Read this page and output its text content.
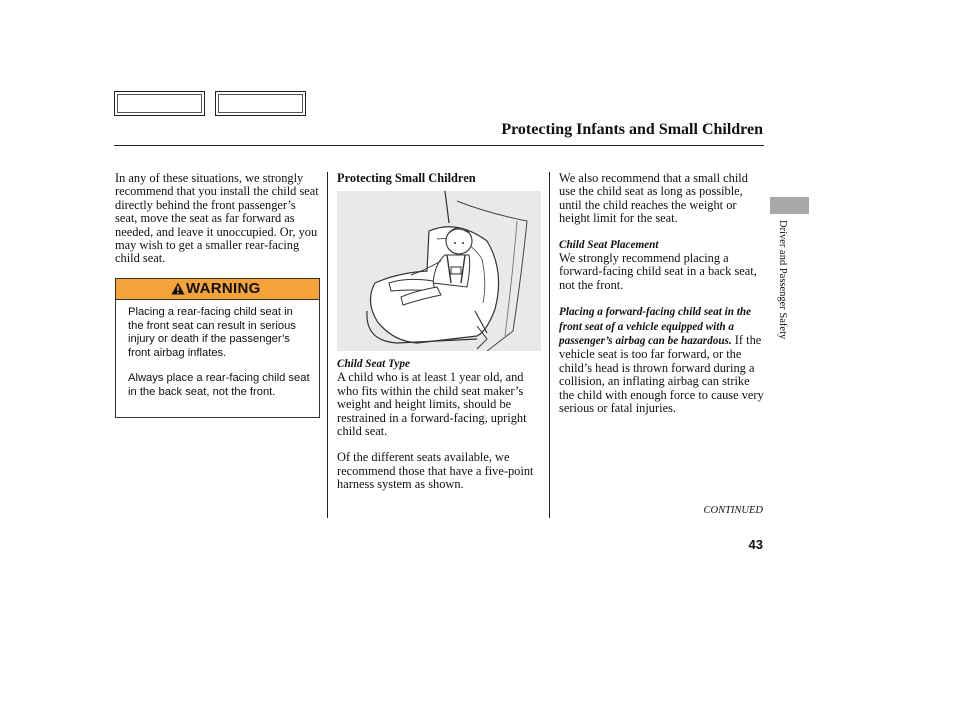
Protecting Infants and Small Children

In any of these situations, we strongly recommend that you install the child seat directly behind the front passenger’s seat, move the seat as far forward as needed, and leave it unoccupied. Or, you may wish to get a smaller rear-facing child seat.

WARNING

Placing a rear-facing child seat in the front seat can result in serious injury or death if the passenger’s front airbag inflates.

Always place a rear-facing child seat in the back seat, not the front.

Protecting Small Children

Child Seat Type

A child who is at least 1 year old, and who fits within the child seat maker’s weight and height limits, should be restrained in a forward-facing, upright child seat.

Of the different seats available, we recommend those that have a five-point harness system as shown.

We also recommend that a small child use the child seat as long as possible, until the child reaches the weight or height limit for the seat.

Child Seat Placement

We strongly recommend placing a forward-facing child seat in a back seat, not the front.

Placing a forward-facing child seat in the front seat of a vehicle equipped with a passenger’s airbag can be hazardous. If the vehicle seat is too far forward, or the child’s head is thrown forward during a collision, an inflating airbag can strike the child with enough force to cause very serious or fatal injuries.

CONTINUED
43
Driver and Passenger Safety
